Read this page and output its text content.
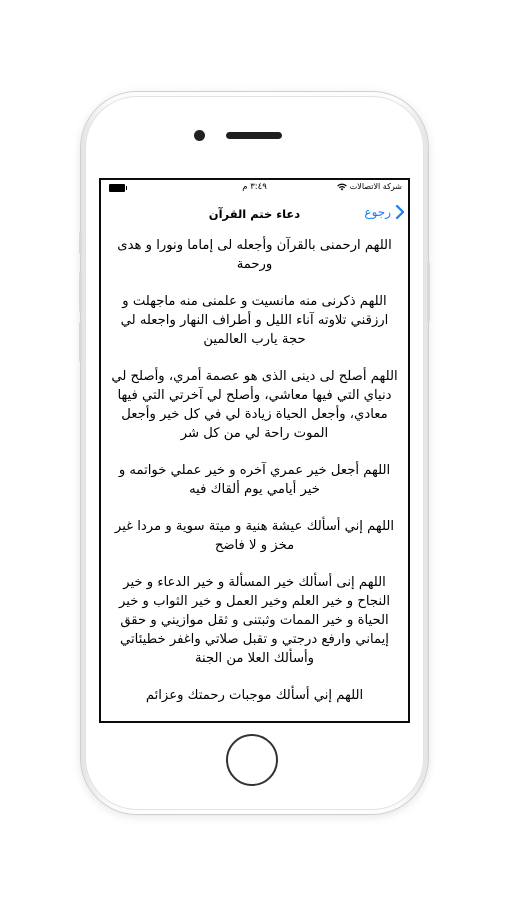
٣:٤٩ م	شركة الاتصالات
رجوع
دعاء ختم القرآن

اللهم ارحمنى بالقرآن وأجعله لى إماما ونورا و هدى ورحمة

اللهم ذكرنى منه مانسيت و علمنى منه ماجهلت و ارزقني تلاوته آناء الليل و أطراف النهار واجعله لي حجة يارب العالمين

اللهم أصلح لى دينى الذى هو عصمة أمري، وأصلح لي دنياي التي فيها معاشي، وأصلح لي آخرتي التي فيها معادي، وأجعل الحياة زيادة لي في كل خير وأجعل الموت راحة لي من كل شر

اللهم أجعل خير عمري آخره و خير عملي خواتمه و خير أيامي يوم ألقاك فيه

اللهم إني أسألك عيشة هنية و ميتة سوية و مردا غير مخز و لا فاضح

اللهم إنى أسألك خير المسألة و خير الدعاء و خير النجاح و خير العلم وخير العمل و خير الثواب و خير الحياة و خير الممات وثبتنى و ثقل موازيني و حقق إيماني وارفع درجتي و تقبل صلاتي واغفر خطيئاتي وأسألك العلا من الجنة

اللهم إني أسألك موجبات رحمتك وعزائم
